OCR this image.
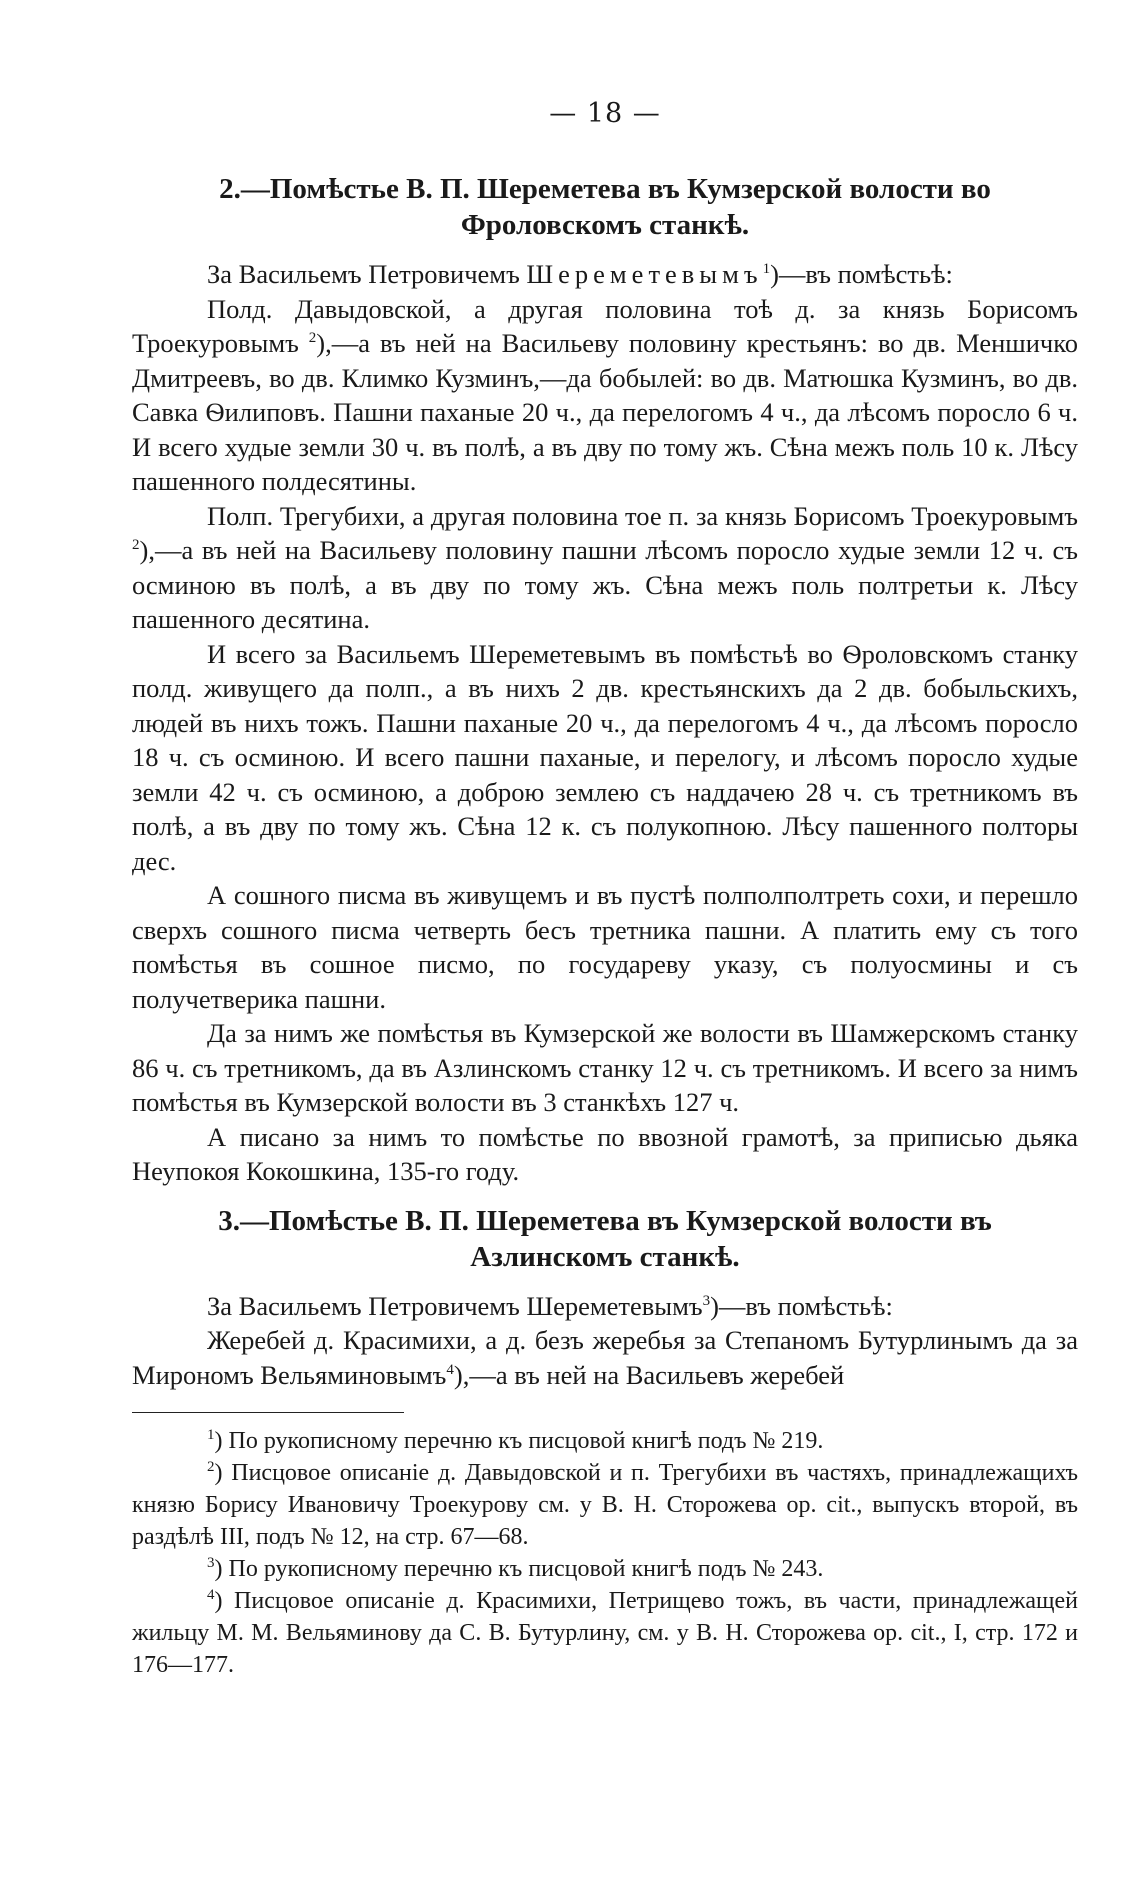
— 18 —
2.—Помѣстье В. П. Шереметева въ Кумзерской волости во
Фроловскомъ станкѣ.

За Васильемъ Петровичемъ Шереметевымъ$^1$)—въ помѣстьѣ:

Полд. Давыдовской, а другая половина тоѣ д. за князь Борисомъ Троекуровымъ $^2$),—а въ ней на Васильеву половину крестьянъ: во дв. Меншичко Дмитреевъ, во дв. Климко Кузминъ,—да бобылей: во дв. Матюшка Кузминъ, во дв. Савка Ѳилиповъ. Пашни паханые 20 ч., да перелогомъ 4 ч., да лѣсомъ поросло 6 ч. И всего худые земли 30 ч. въ полѣ, а въ дву по тому жъ. Сѣна межъ поль 10 к. Лѣсу пашенного полдесятины.

Полп. Трегубихи, а другая половина тое п. за князь Борисомъ Троекуровымъ $^2$),—а въ ней на Васильеву половину пашни лѣсомъ поросло худые земли 12 ч. съ осминою въ полѣ, а въ дву по тому жъ. Сѣна межъ поль полтретьи к. Лѣсу пашенного десятина.

И всего за Васильемъ Шереметевымъ въ помѣстьѣ во Ѳроловскомъ станку полд. живущего да полп., а въ нихъ 2 дв. крестьянскихъ да 2 дв. бобыльскихъ, людей въ нихъ тожъ. Пашни паханые 20 ч., да перелогомъ 4 ч., да лѣсомъ поросло 18 ч. съ осминою. И всего пашни паханые, и перелогу, и лѣсомъ поросло худые земли 42 ч. съ осминою, а доброю землею съ наддачею 28 ч. съ третникомъ въ полѣ, а въ дву по тому жъ. Сѣна 12 к. съ полукопною. Лѣсу пашенного полторы дес.

А сошного писма въ живущемъ и въ пустѣ полполполтреть сохи, и перешло сверхъ сошного писма четверть бесъ третника пашни. А платить ему съ того помѣстья въ сошное писмо, по государеву указу, съ полуосмины и съ получетверика пашни.

Да за нимъ же помѣстья въ Кумзерской же волости въ Шамжерскомъ станку 86 ч. съ третникомъ, да въ Азлинскомъ станку 12 ч. съ третникомъ. И всего за нимъ помѣстья въ Кумзерской волости въ 3 станкѣхъ 127 ч.

А писано за нимъ то помѣстье по ввозной грамотѣ, за приписью дьяка Неупокоя Кокошкина, 135-го году.

3.—Помѣстье В. П. Шереметева въ Кумзерской волости въ
Азлинскомъ станкѣ.

За Васильемъ Петровичемъ Шереметевымъ$^3$)—въ помѣстьѣ:

Жеребей д. Красимихи, а д. безъ жеребья за Степаномъ Бутурлинымъ да за Мирономъ Вельяминовымъ$^4$),—а въ ней на Васильевъ жеребей

$^1$) По рукописному перечню къ писцовой книгѣ подъ № 219.

$^2$) Писцовое описаніе д. Давыдовской и п. Трегубихи въ частяхъ, принадлежащихъ князю Борису Ивановичу Троекурову см. у В. Н. Сторожева op. cit., выпускъ второй, въ раздѣлѣ III, подъ № 12, на стр. 67—68.

$^3$) По рукописному перечню къ писцовой книгѣ подъ № 243.

$^4$) Писцовое описаніе д. Красимихи, Петрищево тожъ, въ части, принадлежащей жильцу М. М. Вельяминову да С. В. Бутурлину, см. у В. Н. Сторожева op. cit., I, стр. 172 и 176—177.
